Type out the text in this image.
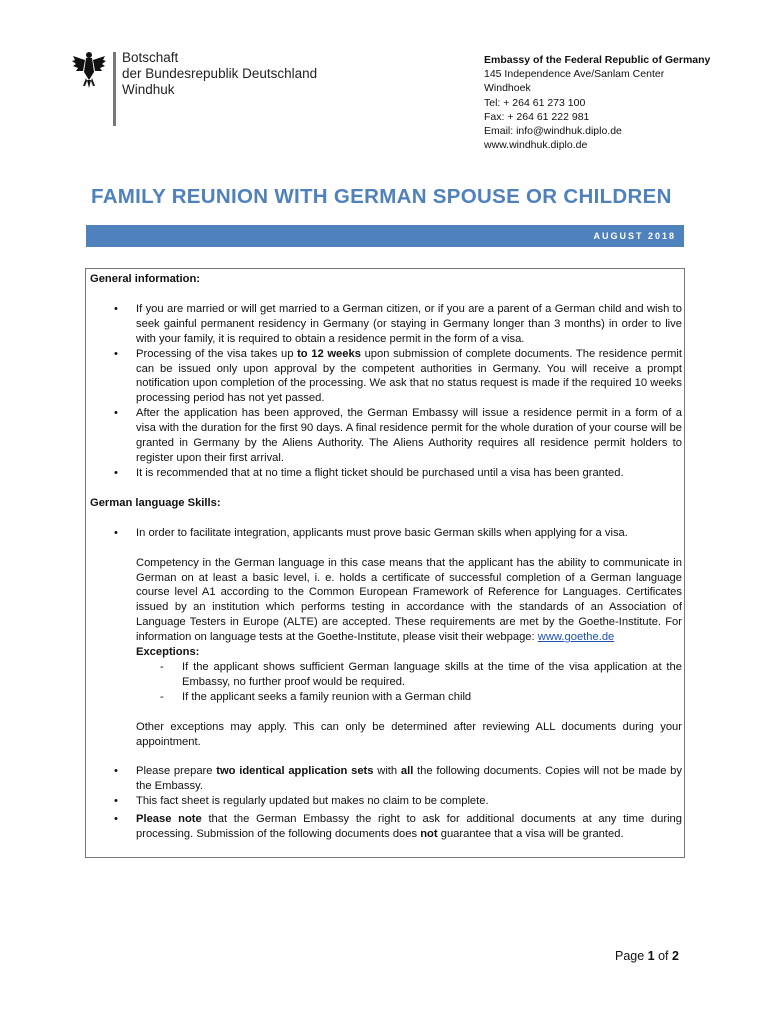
Botschaft
der Bundesrepublik Deutschland
Windhuk
Embassy of the Federal Republic of Germany
145 Independence Ave/Sanlam Center
Windhoek
Tel: + 264 61 273 100
Fax: + 264 61 222 981
Email: info@windhuk.diplo.de
www.windhuk.diplo.de
FAMILY REUNION WITH GERMAN SPOUSE OR CHILDREN
AUGUST 2018

General information:

• If you are married or will get married to a German citizen, or if you are a parent of a German child and wish to seek gainful permanent residency in Germany (or staying in Germany longer than 3 months) in order to live with your family, it is required to obtain a residence permit in the form of a visa.
• Processing of the visa takes up to 12 weeks upon submission of complete documents. The residence permit can be issued only upon approval by the competent authorities in Germany. You will receive a prompt notification upon completion of the processing. We ask that no status request is made if the required 10 weeks processing period has not yet passed.
• After the application has been approved, the German Embassy will issue a residence permit in a form of a visa with the duration for the first 90 days. A final residence permit for the whole duration of your course will be granted in Germany by the Aliens Authority. The Aliens Authority requires all residence permit holders to register upon their first arrival.
• It is recommended that at no time a flight ticket should be purchased until a visa has been granted.

German language Skills:

• In order to facilitate integration, applicants must prove basic German skills when applying for a visa.
Competency in the German language in this case means that the applicant has the ability to communicate in German on at least a basic level, i. e. holds a certificate of successful completion of a German language course level A1 according to the Common European Framework of Reference for Languages. Certificates issued by an institution which performs testing in accordance with the standards of an Association of Language Testers in Europe (ALTE) are accepted. These requirements are met by the Goethe-Institute. For information on language tests at the Goethe-Institute, please visit their webpage: www.goethe.de
Exceptions:
- If the applicant shows sufficient German language skills at the time of the visa application at the Embassy, no further proof would be required.
- If the applicant seeks a family reunion with a German child
Other exceptions may apply. This can only be determined after reviewing ALL documents during your appointment.
• Please prepare two identical application sets with all the following documents. Copies will not be made by the Embassy.
• This fact sheet is regularly updated but makes no claim to be complete.
• Please note that the German Embassy the right to ask for additional documents at any time during processing. Submission of the following documents does not guarantee that a visa will be granted.
Page 1 of 2
